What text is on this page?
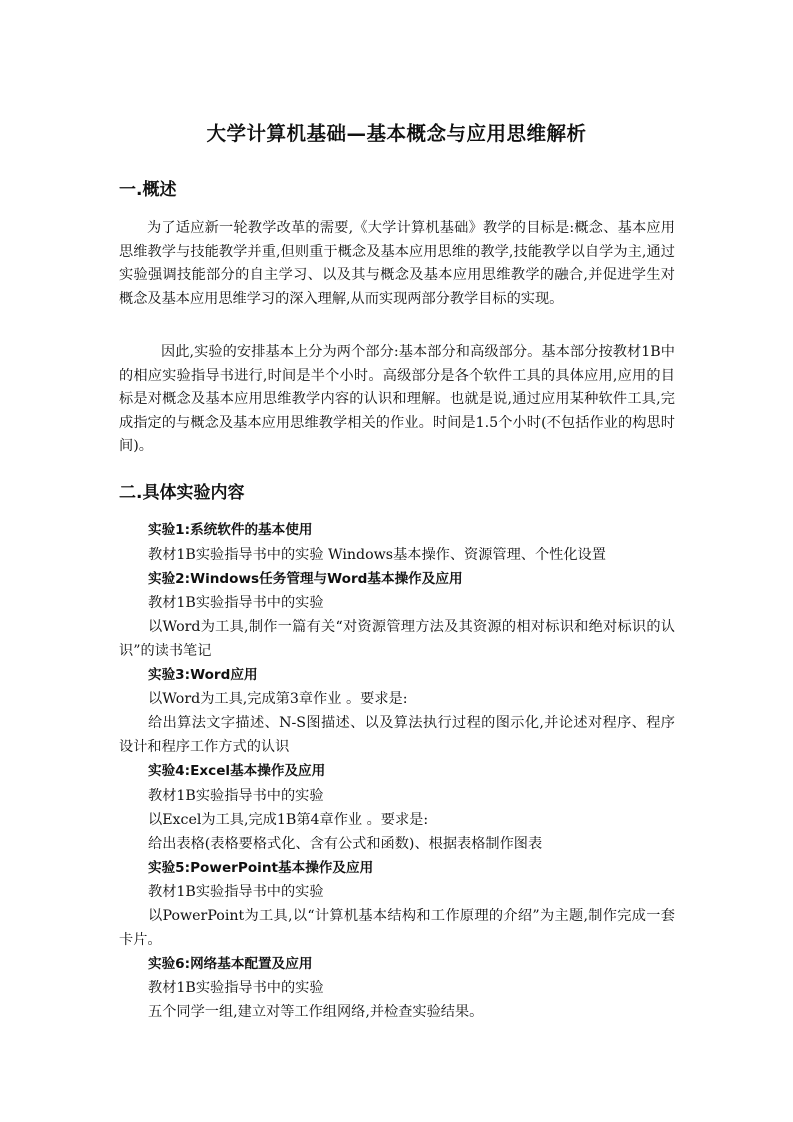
大学计算机基础—基本概念与应用思维解析
一.概述

为了适应新一轮教学改革的需要,《大学计算机基础》教学的目标是:概念、基本应用思维教学与技能教学并重,但则重于概念及基本应用思维的教学,技能教学以自学为主,通过实验强调技能部分的自主学习、以及其与概念及基本应用思维教学的融合,并促进学生对概念及基本应用思维学习的深入理解,从而实现两部分教学目标的实现。

因此,实验的安排基本上分为两个部分:基本部分和高级部分。基本部分按教材1B中的相应实验指导书进行,时间是半个小时。高级部分是各个软件工具的具体应用,应用的目标是对概念及基本应用思维教学内容的认识和理解。也就是说,通过应用某种软件工具,完成指定的与概念及基本应用思维教学相关的作业。时间是1.5个小时(不包括作业的构思时间)。

二.具体实验内容
实验1:系统软件的基本使用
教材1B实验指导书中的实验 Windows基本操作、资源管理、个性化设置
实验2:Windows任务管理与Word基本操作及应用
教材1B实验指导书中的实验

以Word为工具,制作一篇有关“对资源管理方法及其资源的相对标识和绝对标识的认识”的读书笔记

实验3:Word应用
以Word为工具,完成第3章作业 。要求是:

给出算法文字描述、N-S图描述、以及算法执行过程的图示化,并论述对程序、程序设计和程序工作方式的认识

实验4:Excel基本操作及应用
教材1B实验指导书中的实验
以Excel为工具,完成1B第4章作业 。要求是:
给出表格(表格要格式化、含有公式和函数)、根据表格制作图表
实验5:PowerPoint基本操作及应用
教材1B实验指导书中的实验

以PowerPoint为工具,以“计算机基本结构和工作原理的介绍”为主题,制作完成一套卡片。

实验6:网络基本配置及应用
教材1B实验指导书中的实验
五个同学一组,建立对等工作组网络,并检查实验结果。
